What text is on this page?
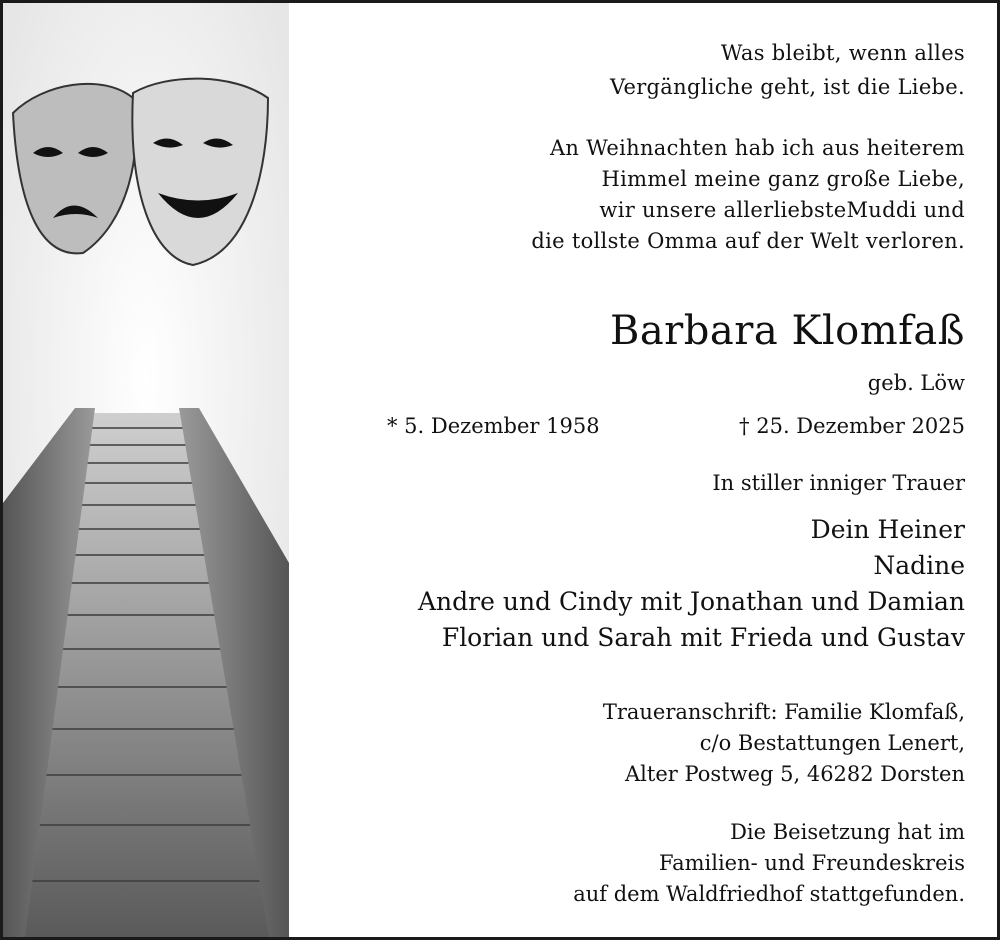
Was bleibt, wenn alles
Vergängliche geht, ist die Liebe.
An Weihnachten hab ich aus heiterem
Himmel meine ganz große Liebe,
wir unsere allerliebsteMuddi und
die tollste Omma auf der Welt verloren.
Barbara Klomfaß
geb. Löw
* 5. Dezember 1958	† 25. Dezember 2025
In stiller inniger Trauer
Dein Heiner
Nadine
Andre und Cindy mit Jonathan und Damian
Florian und Sarah mit Frieda und Gustav
Traueranschrift: Familie Klomfaß,
c/o Bestattungen Lenert,
Alter Postweg 5, 46282 Dorsten
Die Beisetzung hat im
Familien- und Freundeskreis
auf dem Waldfriedhof stattgefunden.
